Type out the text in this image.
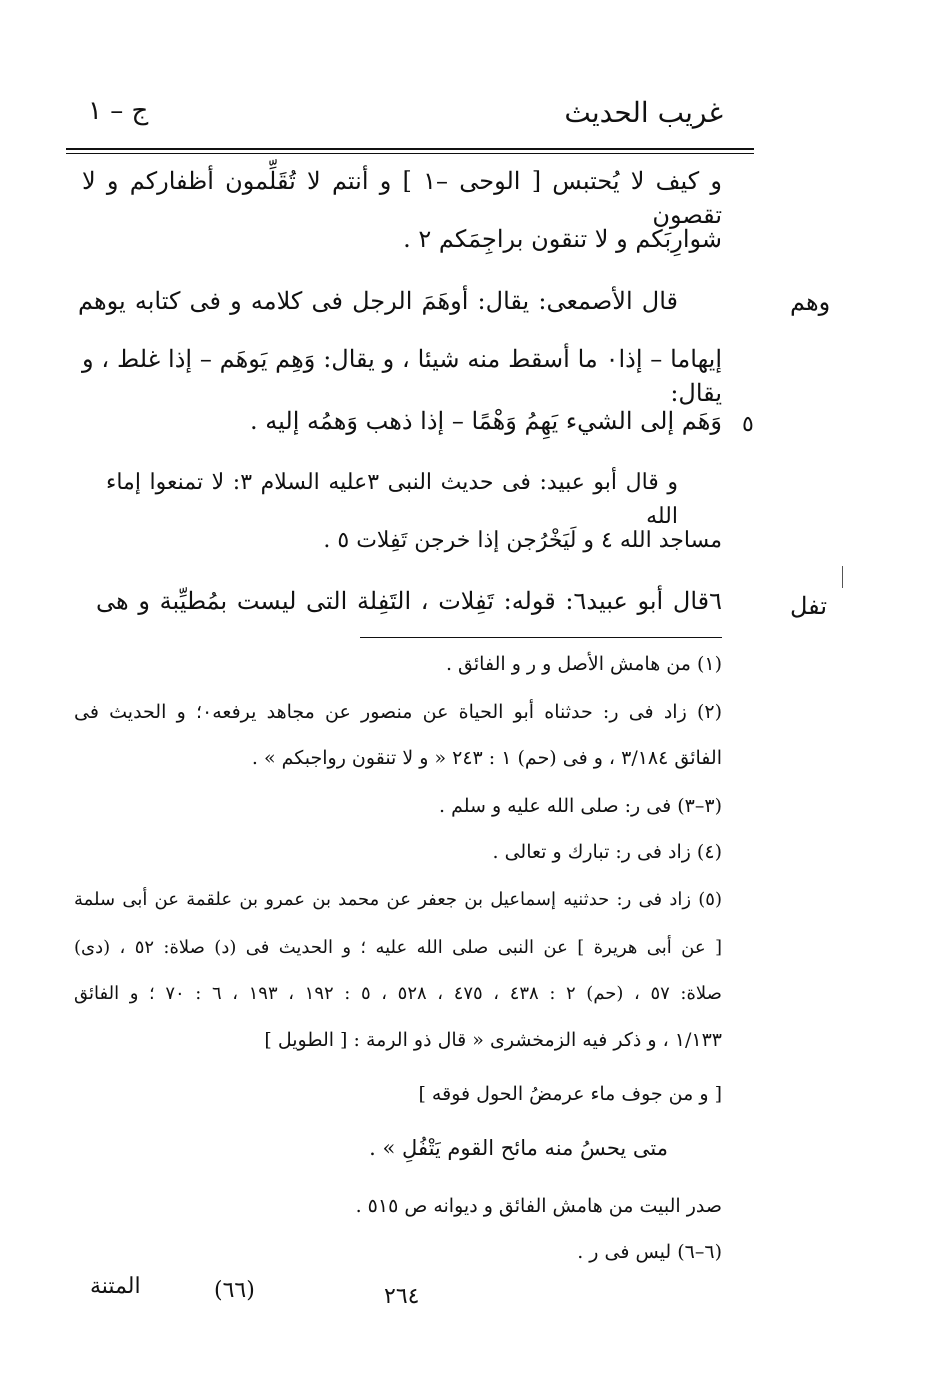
غريب الحديث
ج – ١
و كيف لا يُحتبس [ الوحى –١ ] و أنتم لا تُقَلِّمون أظفاركم و لا تقصون
شوارِبَكم و لا تنقون براجِمَكم ٢ .
وهم
قال الأصمعى: يقال: أوهَمَ الرجل فى كلامه و فى كتابه يوهم
إيهاما – إذا٠ ما أسقط منه شيئا ، و يقال: وَهِم يَوهَم – إذا غلط ، و يقال:
٥
وَهَم إلى الشيء يَهِمُ وَهْمًا – إذا ذهب وَهمُه إليه .
و قال أبو عبيد: فى حديث النبى ٣عليه السلام ٣: لا تمنعوا إماء الله
مساجد الله ٤ و لَيَخْرُجن إذا خرجن تَفِلات ٥ .
تفل
٦قال أبو عبيد٦: قوله: تَفِلات ، التَفِلة التى ليست بمُطيِّبة و هى
(١) من هامش الأصل و ر و الفائق .
(٢) زاد فى ر: حدثناه أبو الحياة عن منصور عن مجاهد يرفعه٠؛ و الحديث فى
الفائق ٣/١٨٤ ، و فى (حم) ١ : ٢٤٣ « و لا تنقون رواجبكم » .
(٣–٣) فى ر: صلى الله عليه و سلم .
(٤) زاد فى ر: تبارك و تعالى .
(٥) زاد فى ر: حدثنيه إسماعيل بن جعفر عن محمد بن عمرو بن علقمة عن أبى سلمة
[ عن أبى هريرة ] عن النبى صلى الله عليه ؛ و الحديث فى (د) صلاة: ٥٢ ، (دى)
صلاة: ٥٧ ، (حم) ٢ : ٤٣٨ ، ٤٧٥ ، ٥٢٨ ، ٥ : ١٩٢ ، ١٩٣ ، ٦ : ٧٠ ؛ و الفائق
١/١٣٣ ، و ذكر فيه الزمخشرى « قال ذو الرمة : [ الطويل ]
[ و من جوف ماء عرمضُ الحول فوقه ]
متى يحسُ منه مائح القوم يَتْفُلِ » .
صدر البيت من هامش الفائق و ديوانه ص ٥١٥ .
(٦–٦) ليس فى ر .
المتنة	(٦٦)	٢٦٤
